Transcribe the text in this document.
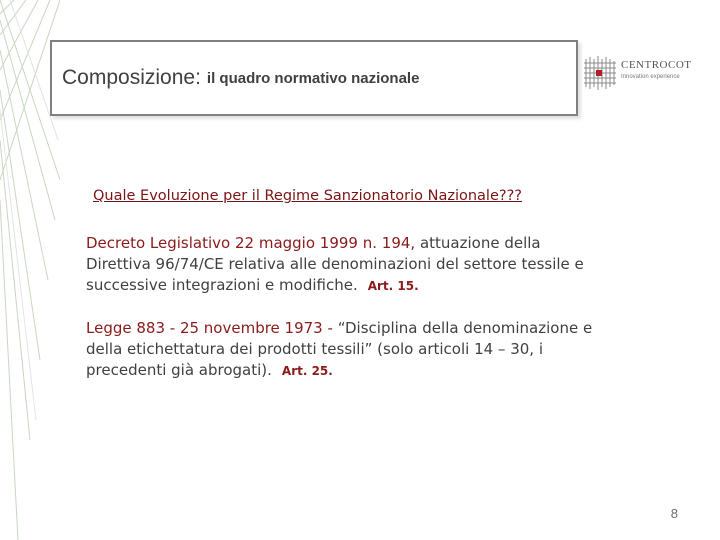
Composizione: il quadro normativo nazionale
CENTROCOT
Innovation experience
Quale Evoluzione per il Regime Sanzionatorio Nazionale???
Decreto Legislativo 22 maggio 1999 n. 194, attuazione della Direttiva 96/74/CE relativa alle denominazioni del settore tessile e successive integrazioni e modifiche. Art. 15.
Legge 883 - 25 novembre 1973 - “Disciplina della denominazione e della etichettatura dei prodotti tessili” (solo articoli 14 – 30, i precedenti già abrogati). Art. 25.
8
